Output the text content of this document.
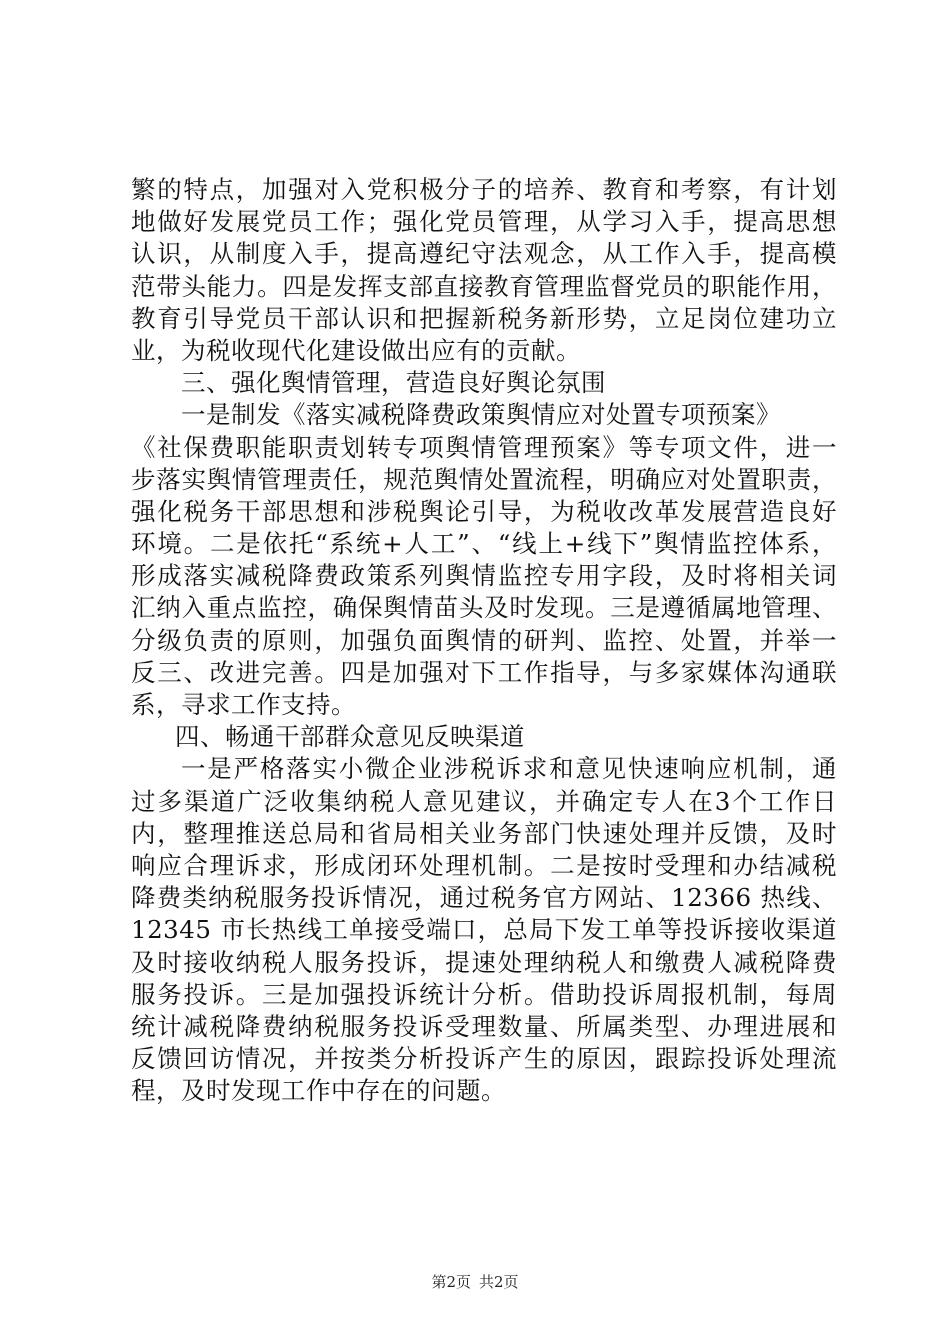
繁的特点，加强对入党积极分子的培养、教育和考察，有计划
地做好发展党员工作；强化党员管理，从学习入手，提高思想
认识，从制度入手，提高遵纪守法观念，从工作入手，提高模
范带头能力。四是发挥支部直接教育管理监督党员的职能作用，
教育引导党员干部认识和把握新税务新形势，立足岗位建功立
业，为税收现代化建设做出应有的贡献。
三、强化舆情管理，营造良好舆论氛围
一是制发《落实减税降费政策舆情应对处置专项预案》
《社保费职能职责划转专项舆情管理预案》等专项文件，进一
步落实舆情管理责任，规范舆情处置流程，明确应对处置职责，
强化税务干部思想和涉税舆论引导，为税收改革发展营造良好
环境。二是依托“系统+人工”、“线上+线下”舆情监控体系，
形成落实减税降费政策系列舆情监控专用字段，及时将相关词
汇纳入重点监控，确保舆情苗头及时发现。三是遵循属地管理、
分级负责的原则，加强负面舆情的研判、监控、处置，并举一
反三、改进完善。四是加强对下工作指导，与多家媒体沟通联
系，寻求工作支持。
四、畅通干部群众意见反映渠道
一是严格落实小微企业涉税诉求和意见快速响应机制，通
过多渠道广泛收集纳税人意见建议，并确定专人在3个工作日
内，整理推送总局和省局相关业务部门快速处理并反馈，及时
响应合理诉求，形成闭环处理机制。二是按时受理和办结减税
降费类纳税服务投诉情况，通过税务官方网站、12366 热线、
12345 市长热线工单接受端口，总局下发工单等投诉接收渠道
及时接收纳税人服务投诉，提速处理纳税人和缴费人减税降费
服务投诉。三是加强投诉统计分析。借助投诉周报机制，每周
统计减税降费纳税服务投诉受理数量、所属类型、办理进展和
反馈回访情况，并按类分析投诉产生的原因，跟踪投诉处理流
程，及时发现工作中存在的问题。
第2页 共2页
